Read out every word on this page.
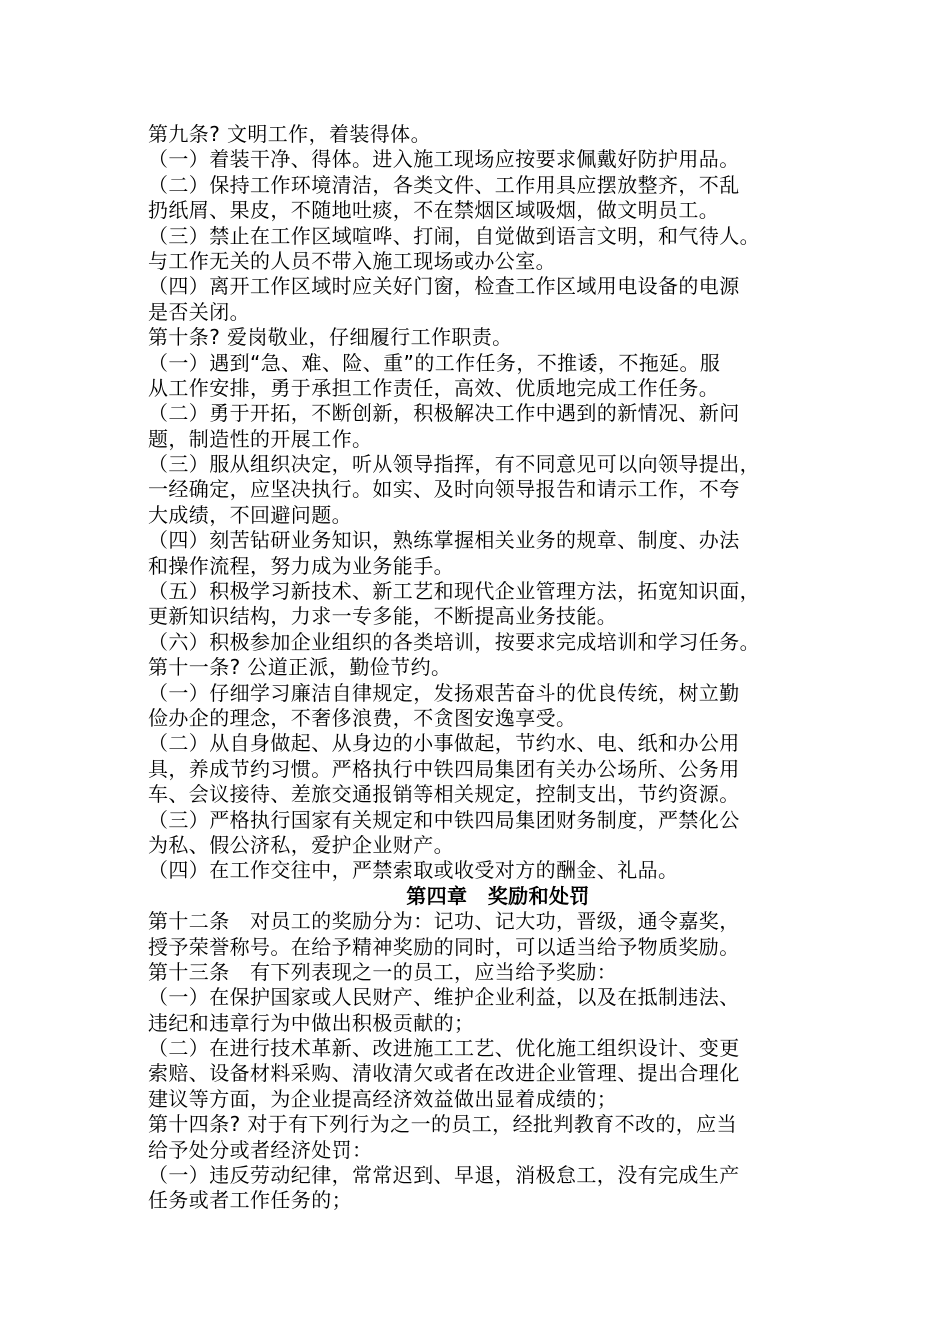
第九条? 文明工作，着装得体。
（一）着装干净、得体。进入施工现场应按要求佩戴好防护用品。
（二）保持工作环境清洁，各类文件、工作用具应摆放整齐，不乱
扔纸屑、果皮，不随地吐痰，不在禁烟区域吸烟，做文明员工。
（三）禁止在工作区域喧哗、打闹，自觉做到语言文明，和气待人。
与工作无关的人员不带入施工现场或办公室。
（四）离开工作区域时应关好门窗，检查工作区域用电设备的电源
是否关闭。
第十条? 爱岗敬业，仔细履行工作职责。
（一）遇到“急、难、险、重”的工作任务，不推诿，不拖延。服
从工作安排，勇于承担工作责任，高效、优质地完成工作任务。
（二）勇于开拓，不断创新，积极解决工作中遇到的新情况、新问
题，制造性的开展工作。
（三）服从组织决定，听从领导指挥，有不同意见可以向领导提出，
一经确定，应坚决执行。如实、及时向领导报告和请示工作，不夸
大成绩，不回避问题。
（四）刻苦钻研业务知识，熟练掌握相关业务的规章、制度、办法
和操作流程，努力成为业务能手。
（五）积极学习新技术、新工艺和现代企业管理方法，拓宽知识面，
更新知识结构，力求一专多能，不断提高业务技能。
（六）积极参加企业组织的各类培训，按要求完成培训和学习任务。
第十一条? 公道正派，勤俭节约。
（一）仔细学习廉洁自律规定，发扬艰苦奋斗的优良传统，树立勤
俭办企的理念，不奢侈浪费，不贪图安逸享受。
（二）从自身做起、从身边的小事做起，节约水、电、纸和办公用
具，养成节约习惯。严格执行中铁四局集团有关办公场所、公务用
车、会议接待、差旅交通报销等相关规定，控制支出，节约资源。
（三）严格执行国家有关规定和中铁四局集团财务制度，严禁化公
为私、假公济私，爱护企业财产。
（四）在工作交往中，严禁索取或收受对方的酬金、礼品。
第四章　奖励和处罚
第十二条　对员工的奖励分为：记功、记大功，晋级，通令嘉奖，
授予荣誉称号。在给予精神奖励的同时，可以适当给予物质奖励。
第十三条　有下列表现之一的员工，应当给予奖励：
（一）在保护国家或人民财产、维护企业利益，以及在抵制违法、
违纪和违章行为中做出积极贡献的；
（二）在进行技术革新、改进施工工艺、优化施工组织设计、变更
索赔、设备材料采购、清收清欠或者在改进企业管理、提出合理化
建议等方面，为企业提高经济效益做出显着成绩的；
第十四条? 对于有下列行为之一的员工，经批判教育不改的，应当
给予处分或者经济处罚：
（一）违反劳动纪律，常常迟到、早退，消极怠工，没有完成生产
任务或者工作任务的；
